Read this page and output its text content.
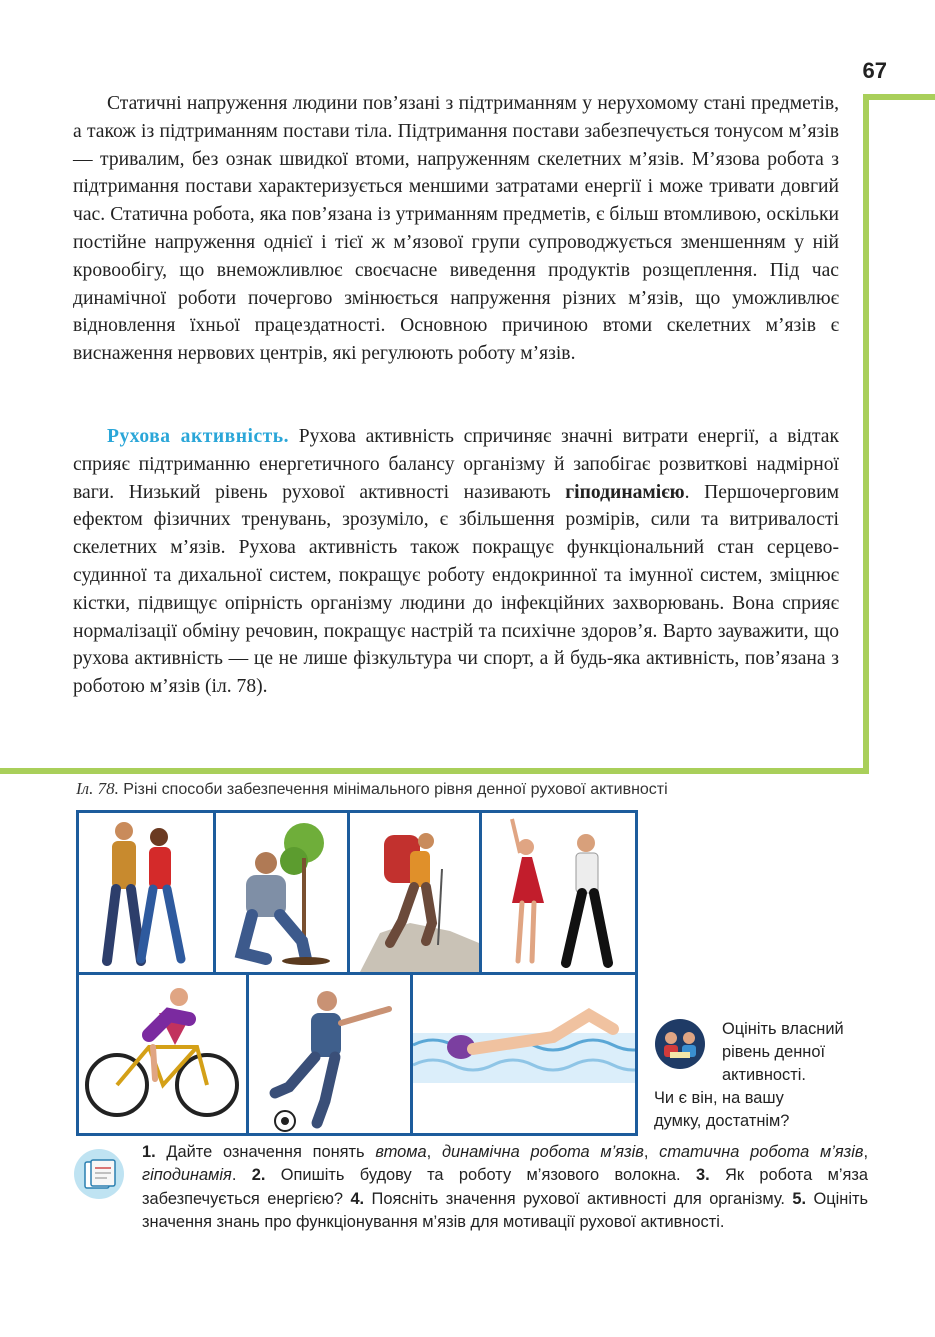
67

Статичні напруження людини пов’язані з підтриманням у нерухомому стані предметів, а також із підтриманням постави тіла. Підтримання постави забезпечується тонусом м’язів — тривалим, без ознак швидкої втоми, напруженням скелетних м’язів. М’язова робота з підтримання постави характеризується меншими затратами енергії і може тривати довгий час. Статична робота, яка пов’язана із утриманням предметів, є більш втомливою, оскільки постійне напруження однієї і тієї ж м’язової групи супроводжується зменшенням у ній кровообігу, що внеможливлює своєчасне виведення продуктів розщеплення. Під час динамічної роботи почергово змінюється напруження різних м’язів, що уможливлює відновлення їхньої працездатності. Основною причиною втоми скелетних м’язів є виснаження нервових центрів, які регулюють роботу м’язів.

Рухова активність. Рухова активність спричиняє значні витрати енергії, а відтак сприяє підтриманню енергетичного балансу організму й запобігає розвиткові надмірної ваги. Низький рівень рухової активності називають гіподинамією. Першочерговим ефектом фізичних тренувань, зрозуміло, є збільшення розмірів, сили та витривалості скелетних м’язів. Рухова активність також покращує функціональний стан серцево-судинної та дихальної систем, покращує роботу ендокринної та імунної систем, зміцнює кістки, підвищує опірність організму людини до інфекційних захворювань. Вона сприяє нормалізації обміну речовин, покращує настрій та психічне здоров’я. Варто зауважити, що рухова активність — це не лише фізкультура чи спорт, а й будь-яка активність, пов’язана з роботою м’язів (іл. 78).

Іл. 78. Різні способи забезпечення мінімального рівня денної рухової активності
Оцініть власний
рівень денної
активності.
Чи є він, на вашу
думку, достатнім?
1. Дайте означення понять втома, динамічна робота м’язів, статична робота м’язів, гіподинамія. 2. Опишіть будову та роботу м’язового волокна. 3. Як робота м’яза забезпечується енергією? 4. Поясніть значення рухової активності для організму. 5. Оцініть значення знань про функціонування м’язів для мотивації рухової активності.
